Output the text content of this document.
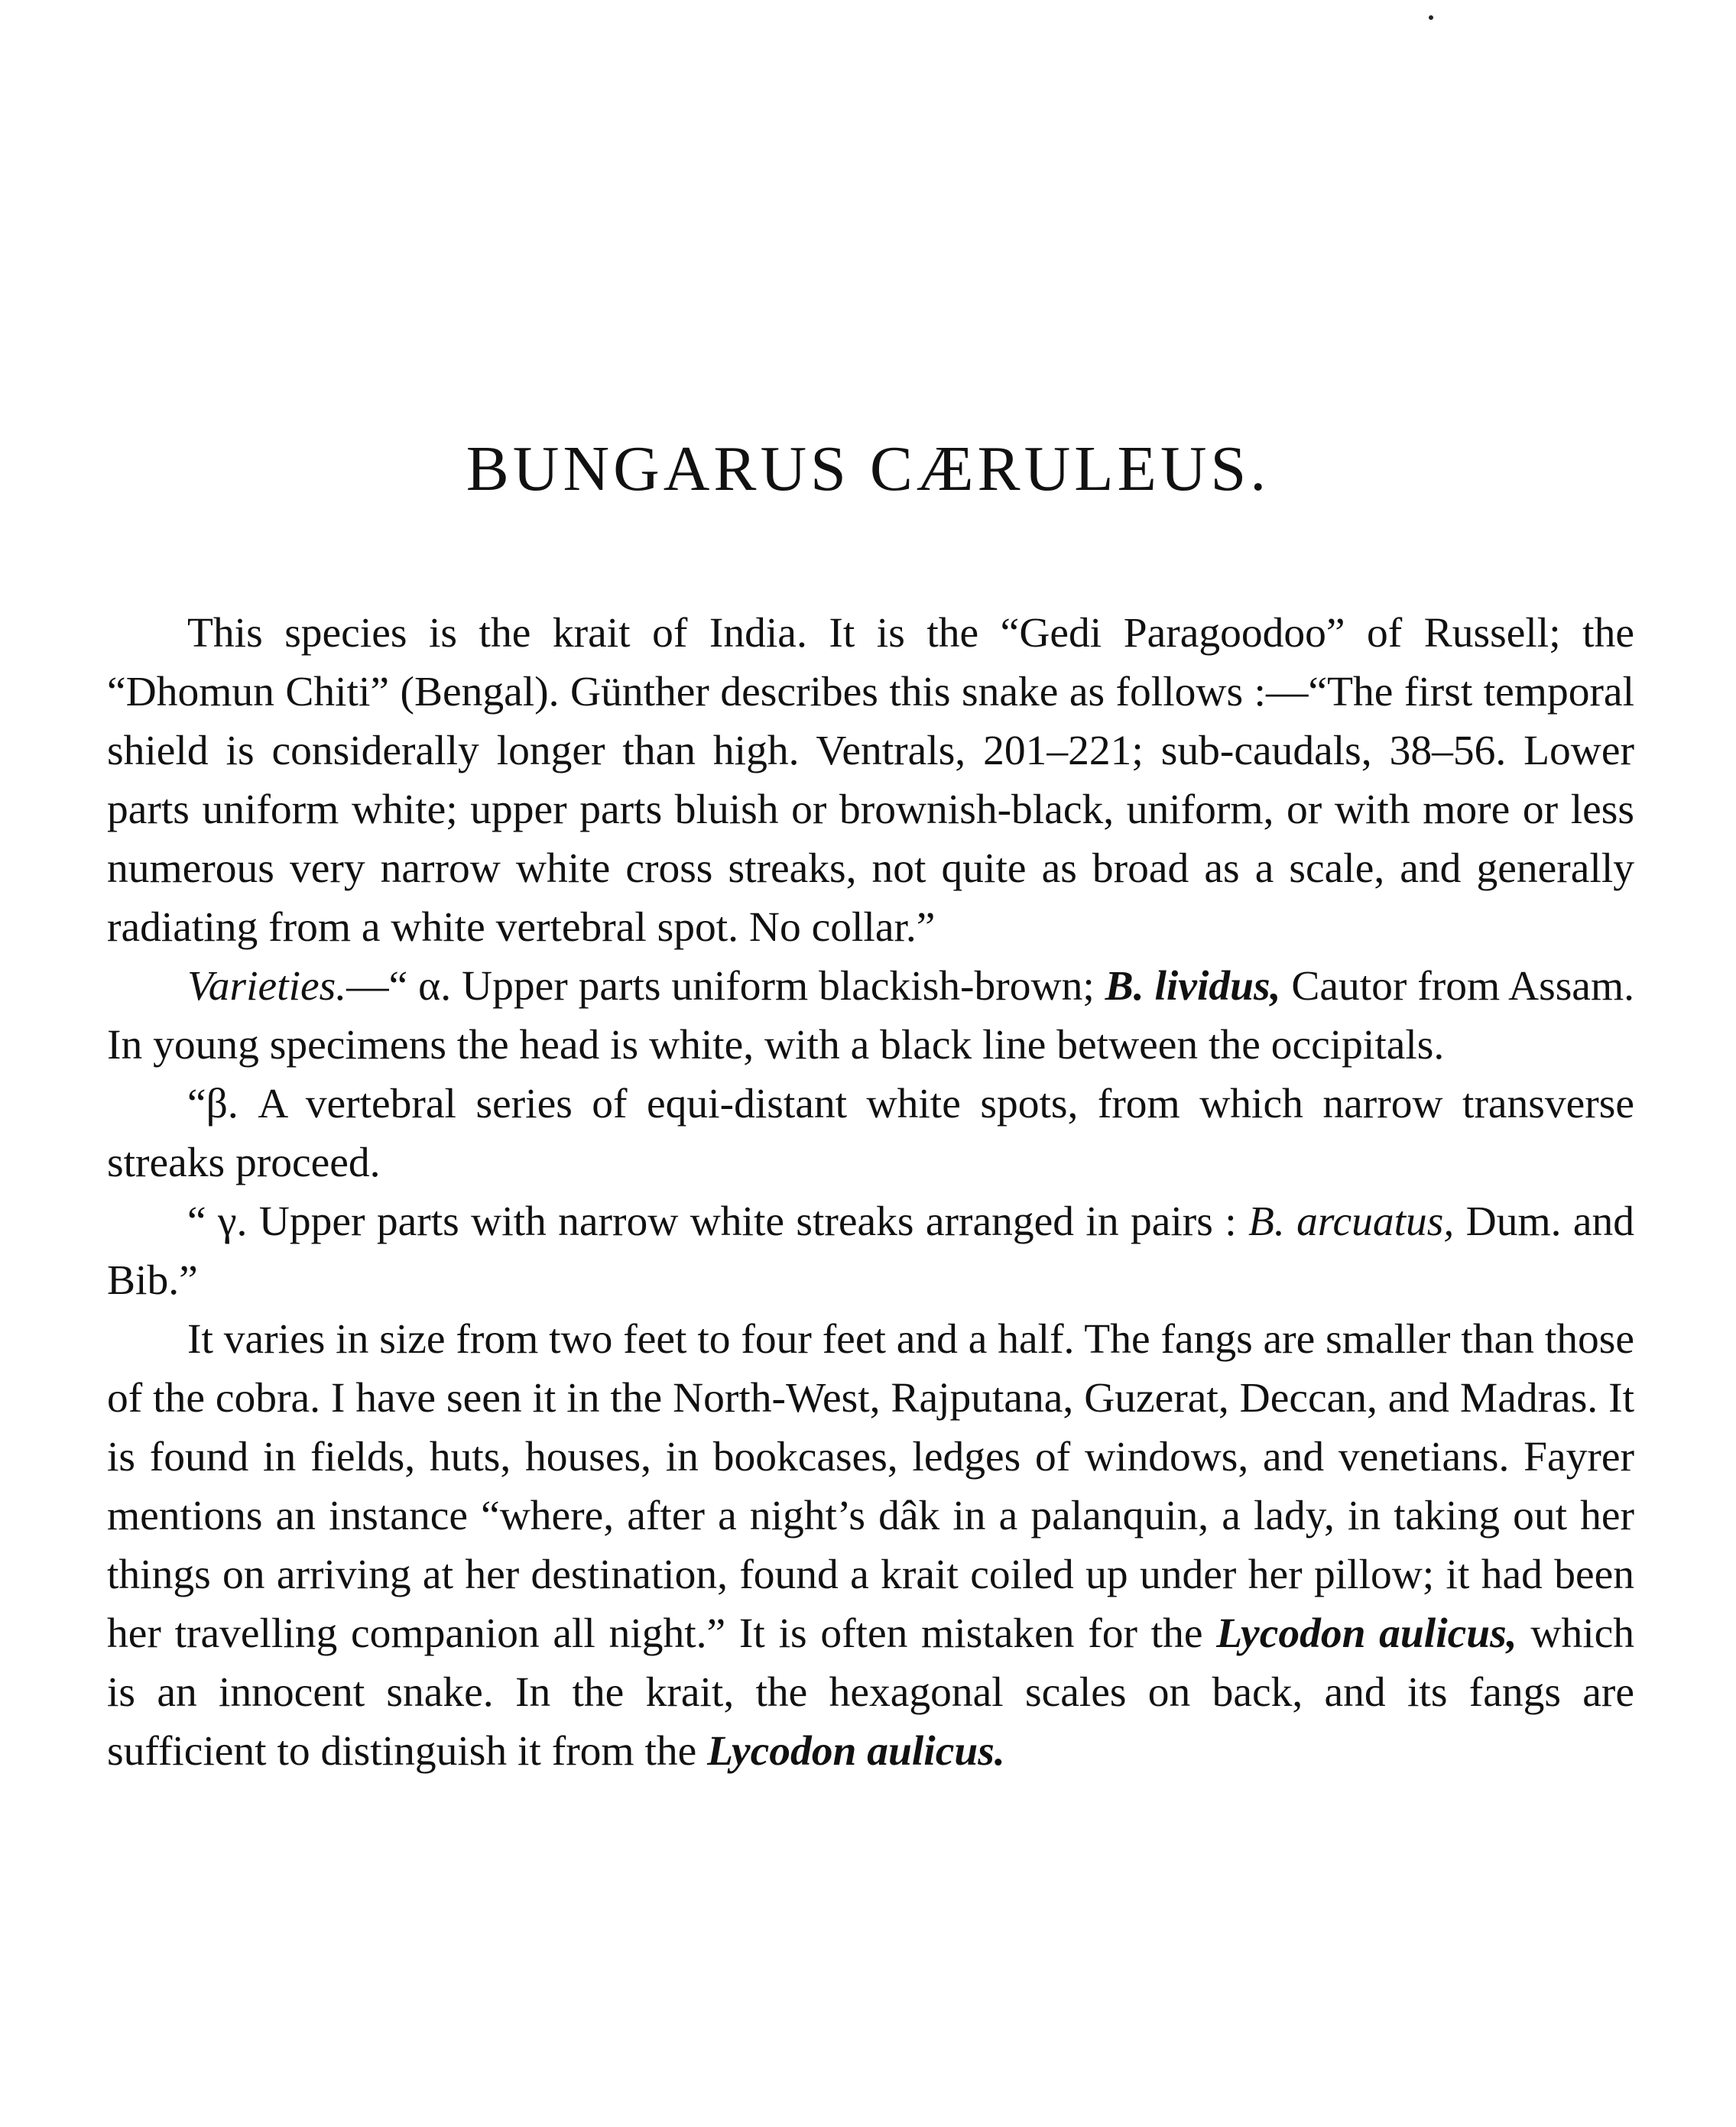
BUNGARUS CÆRULEUS.

This species is the krait of India. It is the “Gedi Paragoodoo” of Russell; the “Dhomun Chiti” (Bengal). Günther describes this snake as follows :—“The first temporal shield is considerally longer than high. Ventrals, 201–221; sub-caudals, 38–56. Lower parts uniform white; upper parts bluish or brownish-black, uniform, or with more or less numerous very narrow white cross streaks, not quite as broad as a scale, and generally radiating from a white vertebral spot. No collar.”

Varieties.—“ α. Upper parts uniform blackish-brown; B. lividus, Cautor from Assam. In young specimens the head is white, with a black line between the occipitals.

“β. A vertebral series of equi-distant white spots, from which narrow transverse streaks proceed.

“ γ. Upper parts with narrow white streaks arranged in pairs : B. arcuatus, Dum. and Bib.”

It varies in size from two feet to four feet and a half. The fangs are smaller than those of the cobra. I have seen it in the North-West, Rajputana, Guzerat, Deccan, and Madras. It is found in fields, huts, houses, in bookcases, ledges of windows, and venetians. Fayrer mentions an instance “where, after a night’s dâk in a palanquin, a lady, in taking out her things on arriving at her destination, found a krait coiled up under her pillow; it had been her travelling companion all night.” It is often mistaken for the Lycodon aulicus, which is an innocent snake. In the krait, the hexagonal scales on back, and its fangs are sufficient to distinguish it from the Lycodon aulicus.
